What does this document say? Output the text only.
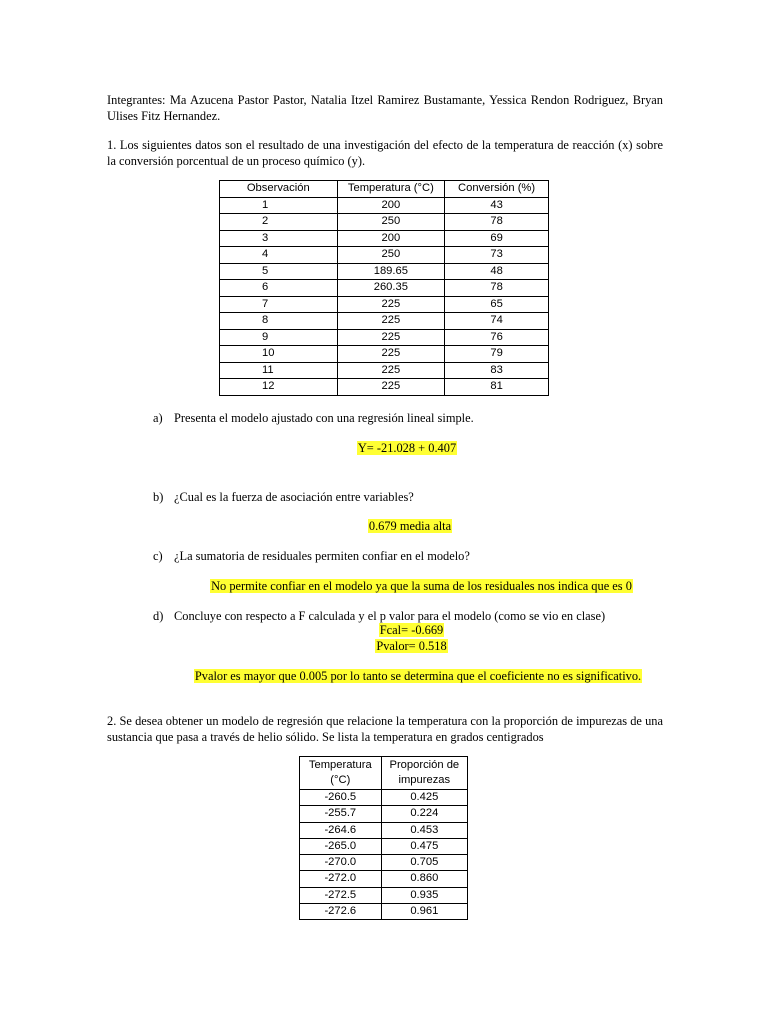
Integrantes: Ma Azucena Pastor Pastor, Natalia Itzel Ramirez Bustamante, Yessica Rendon Rodriguez, Bryan Ulises Fitz Hernandez.
1. Los siguientes datos son el resultado de una investigación del efecto de la temperatura de reacción (x) sobre la conversión porcentual de un proceso químico (y).
Observación	Temperatura (°C)	Conversión (%)
1	200	43
2	250	78
3	200	69
4	250	73
5	189.65	48
6	260.35	78
7	225	65
8	225	74
9	225	76
10	225	79
11	225	83
12	225	81
a) Presenta el modelo ajustado con una regresión lineal simple.
Y= -21.028 + 0.407
b) ¿Cual es la fuerza de asociación entre variables?
0.679 media alta
c) ¿La sumatoria de residuales permiten confiar en el modelo?
No permite confiar en el modelo ya que la suma de los residuales nos indica que es 0
d) Concluye con respecto a F calculada y el p valor para el modelo (como se vio en clase)
Fcal= -0.669
Pvalor= 0.518
Pvalor es mayor que 0.005 por lo tanto se determina que el coeficiente no es significativo.
2. Se desea obtener un modelo de regresión que relacione la temperatura con la proporción de impurezas de una sustancia que pasa a través de helio sólido. Se lista la temperatura en grados centigrados
Temperatura (°C)	Proporción de impurezas
-260.5	0.425
-255.7	0.224
-264.6	0.453
-265.0	0.475
-270.0	0.705
-272.0	0.860
-272.5	0.935
-272.6	0.961
